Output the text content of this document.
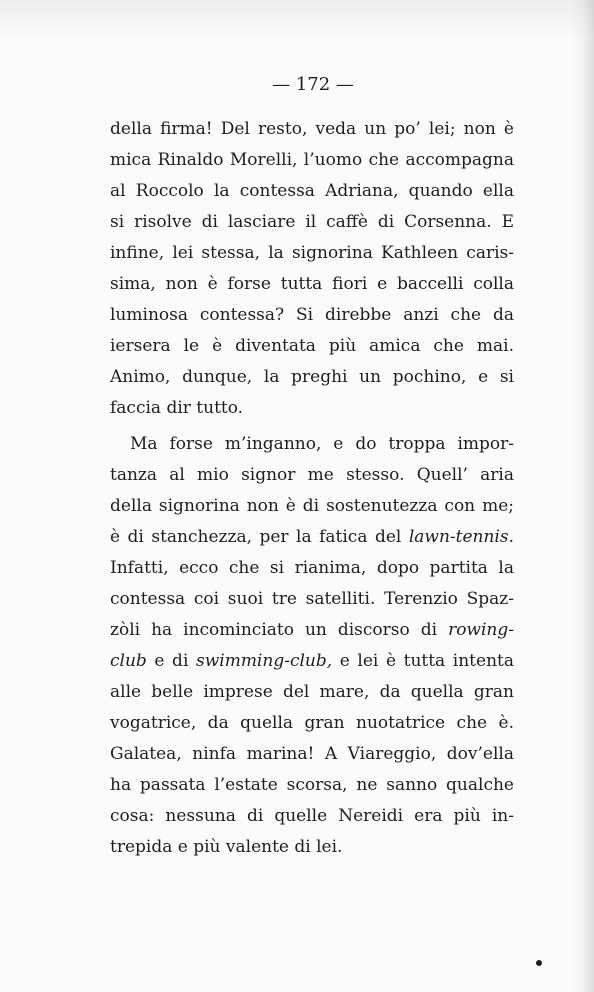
— 172 —
della firma! Del resto, veda un po’ lei; non è
mica Rinaldo Morelli, l’uomo che accompagna
al Roccolo la contessa Adriana, quando ella
si risolve di lasciare il caffè di Corsenna. E
infine, lei stessa, la signorina Kathleen caris-
sima, non è forse tutta fiori e baccelli colla
luminosa contessa? Si direbbe anzi che da
iersera le è diventata più amica che mai.
Animo, dunque, la preghi un pochino, e si
faccia dir tutto.
Ma forse m’inganno, e do troppa impor-
tanza al mio signor me stesso. Quell’ aria
della signorina non è di sostenutezza con me;
è di stanchezza, per la fatica del lawn-tennis.
Infatti, ecco che si rianima, dopo partita la
contessa coi suoi tre satelliti. Terenzio Spaz-
zòli ha incominciato un discorso di rowing-
club e di swimming-club, e lei è tutta intenta
alle belle imprese del mare, da quella gran
vogatrice, da quella gran nuotatrice che è.
Galatea, ninfa marina! A Viareggio, dov’ella
ha passata l’estate scorsa, ne sanno qualche
cosa: nessuna di quelle Nereidi era più in-
trepida e più valente di lei.
